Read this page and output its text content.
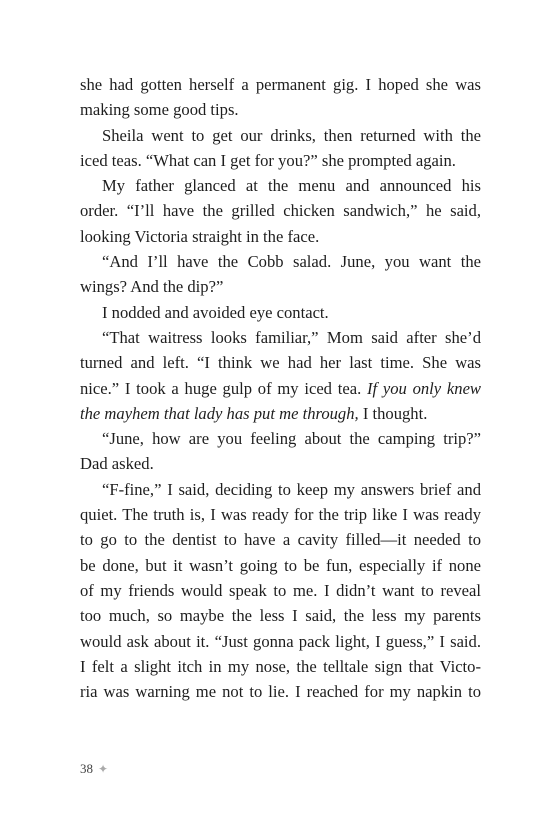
she had gotten herself a permanent gig. I hoped she was
making some good tips.
Sheila went to get our drinks, then returned with the
iced teas. “What can I get for you?” she prompted again.
My father glanced at the menu and announced his
order. “I’ll have the grilled chicken sandwich,” he said,
looking Victoria straight in the face.
“And I’ll have the Cobb salad. June, you want the
wings? And the dip?”
I nodded and avoided eye contact.
“That waitress looks familiar,” Mom said after she’d
turned and left. “I think we had her last time. She was
nice.” I took a huge gulp of my iced tea. If you only knew
the mayhem that lady has put me through, I thought.
“June, how are you feeling about the camping trip?”
Dad asked.
“F-fine,” I said, deciding to keep my answers brief and
quiet. The truth is, I was ready for the trip like I was ready
to go to the dentist to have a cavity filled—it needed to
be done, but it wasn’t going to be fun, especially if none
of my friends would speak to me. I didn’t want to reveal
too much, so maybe the less I said, the less my parents
would ask about it. “Just gonna pack light, I guess,” I said.
I felt a slight itch in my nose, the telltale sign that Victo-
ria was warning me not to lie. I reached for my napkin to
38 ✦
